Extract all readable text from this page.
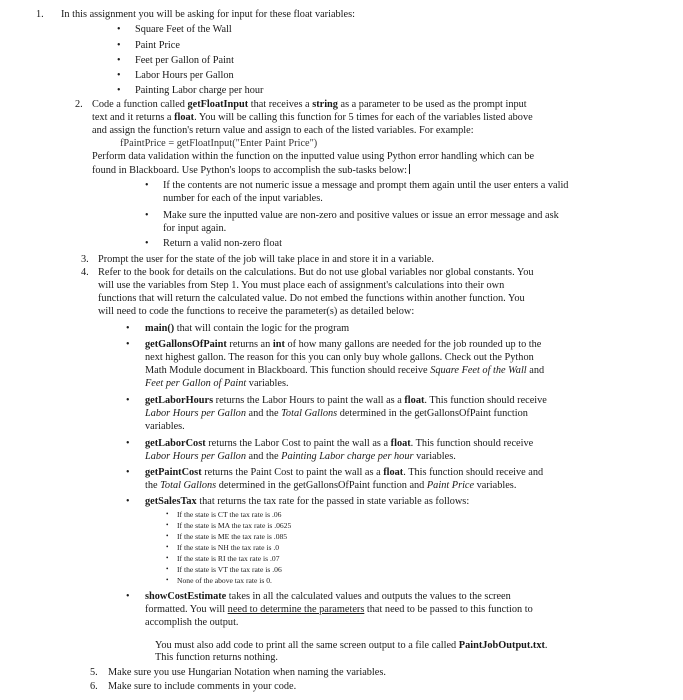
1. In this assignment you will be asking for input for these float variables:
• Square Feet of the Wall
• Paint Price
• Feet per Gallon of Paint
• Labor Hours per Gallon
• Painting Labor charge per hour
2. Code a function called getFloatInput that receives a string as a parameter to be used as the prompt input
text and it returns a float. You will be calling this function for 5 times for each of the variables listed above
and assign the function's return value and assign to each of the listed variables. For example:
fPaintPrice = getFloatInput("Enter Paint Price")
Perform data validation within the function on the inputted value using Python error handling which can be
found in Blackboard. Use Python's loops to accomplish the sub-tasks below:
• If the contents are not numeric issue a message and prompt them again until the user enters a valid
number for each of the input variables.
• Make sure the inputted value are non-zero and positive values or issue an error message and ask
for input again.
• Return a valid non-zero float
3. Prompt the user for the state of the job will take place in and store it in a variable.
4. Refer to the book for details on the calculations. But do not use global variables nor global constants. You
will use the variables from Step 1. You must place each of assignment's calculations into their own
functions that will return the calculated value. Do not embed the functions within another function. You
will need to code the functions to receive the parameter(s) as detailed below:
• main() that will contain the logic for the program
• getGallonsOfPaint returns an int of how many gallons are needed for the job rounded up to the
next highest gallon. The reason for this you can only buy whole gallons. Check out the Python
Math Module document in Blackboard. This function should receive Square Feet of the Wall and
Feet per Gallon of Paint variables.
• getLaborHours returns the Labor Hours to paint the wall as a float. This function should receive
Labor Hours per Gallon and the Total Gallons determined in the getGallonsOfPaint function
variables.
• getLaborCost returns the Labor Cost to paint the wall as a float. This function should receive
Labor Hours per Gallon and the Painting Labor charge per hour variables.
• getPaintCost returns the Paint Cost to paint the wall as a float. This function should receive and
the Total Gallons determined in the getGallonsOfPaint function and Paint Price variables.
• getSalesTax that returns the tax rate for the passed in state variable as follows:
• If the state is CT the tax rate is .06
• If the state is MA the tax rate is .0625
• If the state is ME the tax rate is .085
• If the state is NH the tax rate is .0
• If the state is RI the tax rate is .07
• If the state is VT the tax rate is .06
• None of the above tax rate is 0.
• showCostEstimate takes in all the calculated values and outputs the values to the screen
formatted. You will need to determine the parameters that need to be passed to this function to
accomplish the output.
You must also add code to print all the same screen output to a file called PaintJobOutput.txt.
This function returns nothing.
5. Make sure you use Hungarian Notation when naming the variables.
6. Make sure to include comments in your code.
